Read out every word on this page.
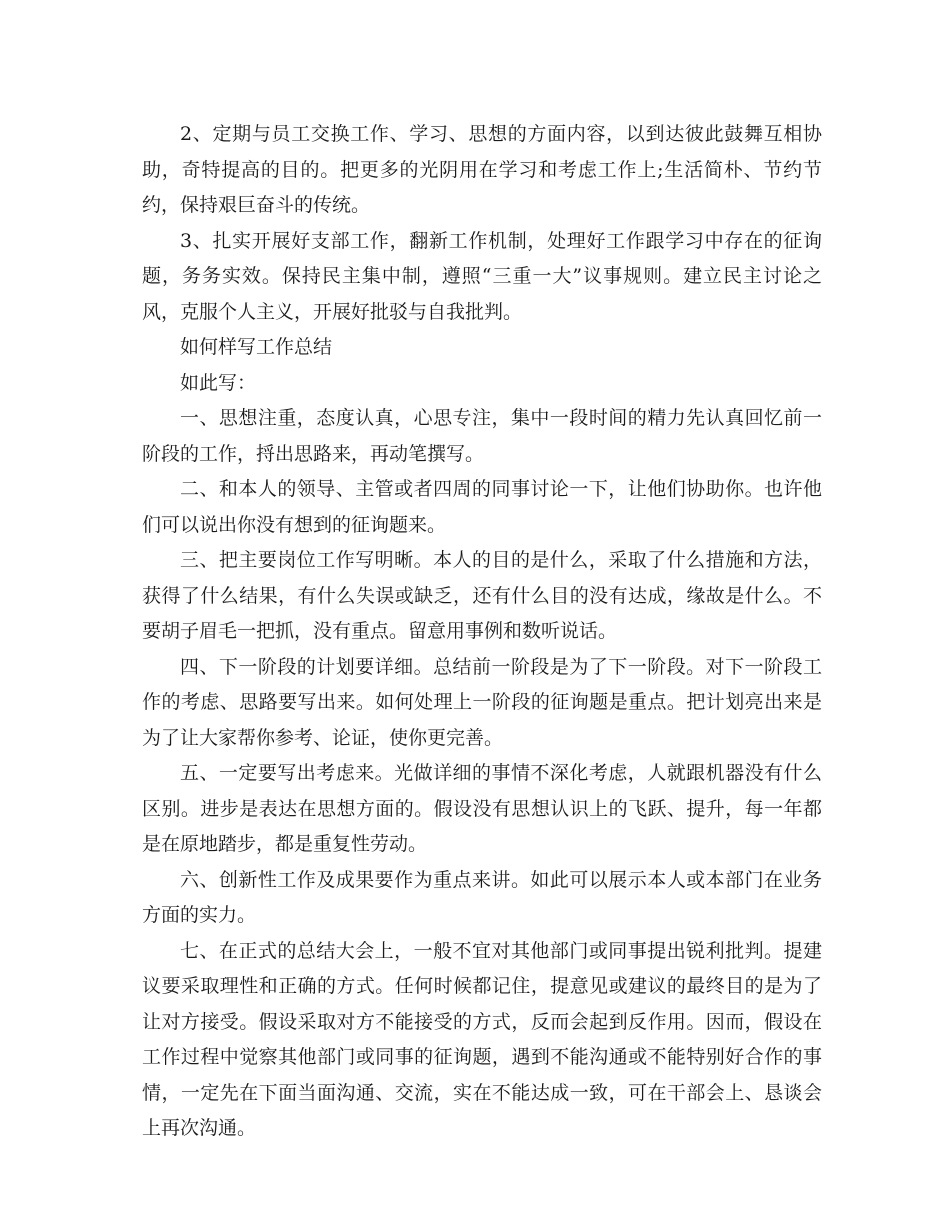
2、定期与员工交换工作、学习、思想的方面内容，以到达彼此鼓舞互相协助，奇特提高的目的。把更多的光阴用在学习和考虑工作上;生活简朴、节约节约，保持艰巨奋斗的传统。

3、扎实开展好支部工作，翻新工作机制，处理好工作跟学习中存在的征询题，务务实效。保持民主集中制，遵照“三重一大”议事规则。建立民主讨论之风，克服个人主义，开展好批驳与自我批判。

如何样写工作总结

如此写：

一、思想注重，态度认真，心思专注，集中一段时间的精力先认真回忆前一阶段的工作，捋出思路来，再动笔撰写。

二、和本人的领导、主管或者四周的同事讨论一下，让他们协助你。也许他们可以说出你没有想到的征询题来。

三、把主要岗位工作写明晰。本人的目的是什么，采取了什么措施和方法，获得了什么结果，有什么失误或缺乏，还有什么目的没有达成，缘故是什么。不要胡子眉毛一把抓，没有重点。留意用事例和数听说话。

四、下一阶段的计划要详细。总结前一阶段是为了下一阶段。对下一阶段工作的考虑、思路要写出来。如何处理上一阶段的征询题是重点。把计划亮出来是为了让大家帮你参考、论证，使你更完善。

五、一定要写出考虑来。光做详细的事情不深化考虑，人就跟机器没有什么区别。进步是表达在思想方面的。假设没有思想认识上的飞跃、提升，每一年都是在原地踏步，都是重复性劳动。

六、创新性工作及成果要作为重点来讲。如此可以展示本人或本部门在业务方面的实力。

七、在正式的总结大会上，一般不宜对其他部门或同事提出锐利批判。提建议要采取理性和正确的方式。任何时候都记住，提意见或建议的最终目的是为了让对方接受。假设采取对方不能接受的方式，反而会起到反作用。因而，假设在工作过程中觉察其他部门或同事的征询题，遇到不能沟通或不能特别好合作的事情，一定先在下面当面沟通、交流，实在不能达成一致，可在干部会上、恳谈会上再次沟通。
